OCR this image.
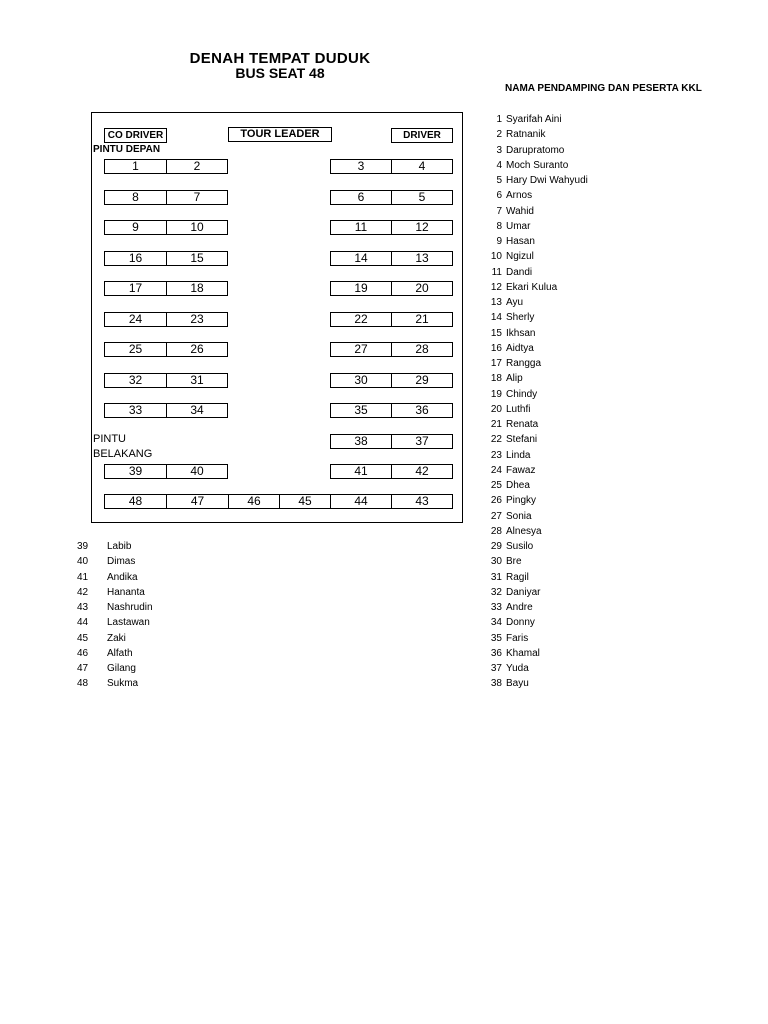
DENAH TEMPAT DUDUK
BUS SEAT 48
NAMA PENDAMPING DAN PESERTA KKL
CO DRIVER	TOUR LEADER	DRIVER
PINTU DEPAN
PINTU
BELAKANG
1	2	3	4
8	7	6	5
9	10	11	12
16	15	14	13
17	18	19	20
24	23	22	21
25	26	27	28
32	31	30	29
33	34	35	36
38	37
39	40	41	42
48	47	46	45	44	43
1 Syarifah Aini
2 Ratnanik
3 Darupratomo
4 Moch Suranto
5 Hary Dwi Wahyudi
6 Arnos
7 Wahid
8 Umar
9 Hasan
10 Ngizul
11 Dandi
12 Ekari Kulua
13 Ayu
14 Sherly
15 Ikhsan
16 Aidtya
17 Rangga
18 Alip
19 Chindy
20 Luthfi
21 Renata
22 Stefani
23 Linda
24 Fawaz
25 Dhea
26 Pingky
27 Sonia
28 Alnesya
29 Susilo
30 Bre
31 Ragil
32 Daniyar
33 Andre
34 Donny
35 Faris
36 Khamal
37 Yuda
38 Bayu
39	Labib
40	Dimas
41	Andika
42	Hananta
43	Nashrudin
44	Lastawan
45	Zaki
46	Alfath
47	Gilang
48	Sukma
